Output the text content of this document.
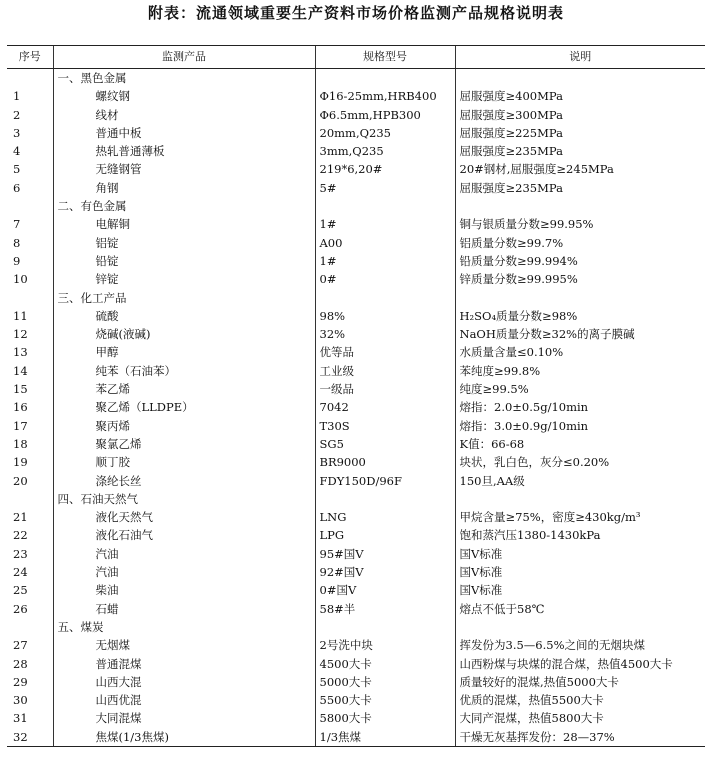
附表：流通领域重要生产资料市场价格监测产品规格说明表
序号	监测产品	规格型号	说明
	一、黑色金属		
1	螺纹钢	Φ16-25mm,HRB400	屈服强度≥400MPa
2	线材	Φ6.5mm,HPB300	屈服强度≥300MPa
3	普通中板	20mm,Q235	屈服强度≥225MPa
4	热轧普通薄板	3mm,Q235	屈服强度≥235MPa
5	无缝钢管	219*6,20#	20#钢材,屈服强度≥245MPa
6	角钢	5#	屈服强度≥235MPa
	二、有色金属		
7	电解铜	1#	铜与银质量分数≥99.95%
8	铝锭	A00	铝质量分数≥99.7%
9	铅锭	1#	铅质量分数≥99.994%
10	锌锭	0#	锌质量分数≥99.995%
	三、化工产品		
11	硫酸	98%	H₂SO₄质量分数≥98%
12	烧碱(液碱)	32%	NaOH质量分数≥32%的离子膜碱
13	甲醇	优等品	水质量含量≤0.10%
14	纯苯（石油苯）	工业级	苯纯度≥99.8%
15	苯乙烯	一级品	纯度≥99.5%
16	聚乙烯（LLDPE）	7042	熔指：2.0±0.5g/10min
17	聚丙烯	T30S	熔指：3.0±0.9g/10min
18	聚氯乙烯	SG5	K值：66-68
19	顺丁胶	BR9000	块状，乳白色，灰分≤0.20%
20	涤纶长丝	FDY150D/96F	150旦,AA级
	四、石油天然气		
21	液化天然气	LNG	甲烷含量≥75%，密度≥430kg/m³
22	液化石油气	LPG	饱和蒸汽压1380-1430kPa
23	汽油	95#国Ⅴ	国Ⅴ标准
24	汽油	92#国Ⅴ	国Ⅴ标准
25	柴油	0#国Ⅴ	国Ⅴ标准
26	石蜡	58#半	熔点不低于58℃
	五、煤炭		
27	无烟煤	2号洗中块	挥发份为3.5—6.5%之间的无烟块煤
28	普通混煤	4500大卡	山西粉煤与块煤的混合煤，热值4500大卡
29	山西大混	5000大卡	质量较好的混煤,热值5000大卡
30	山西优混	5500大卡	优质的混煤，热值5500大卡
31	大同混煤	5800大卡	大同产混煤，热值5800大卡
32	焦煤(1/3焦煤)	1/3焦煤	干燥无灰基挥发份：28—37%
